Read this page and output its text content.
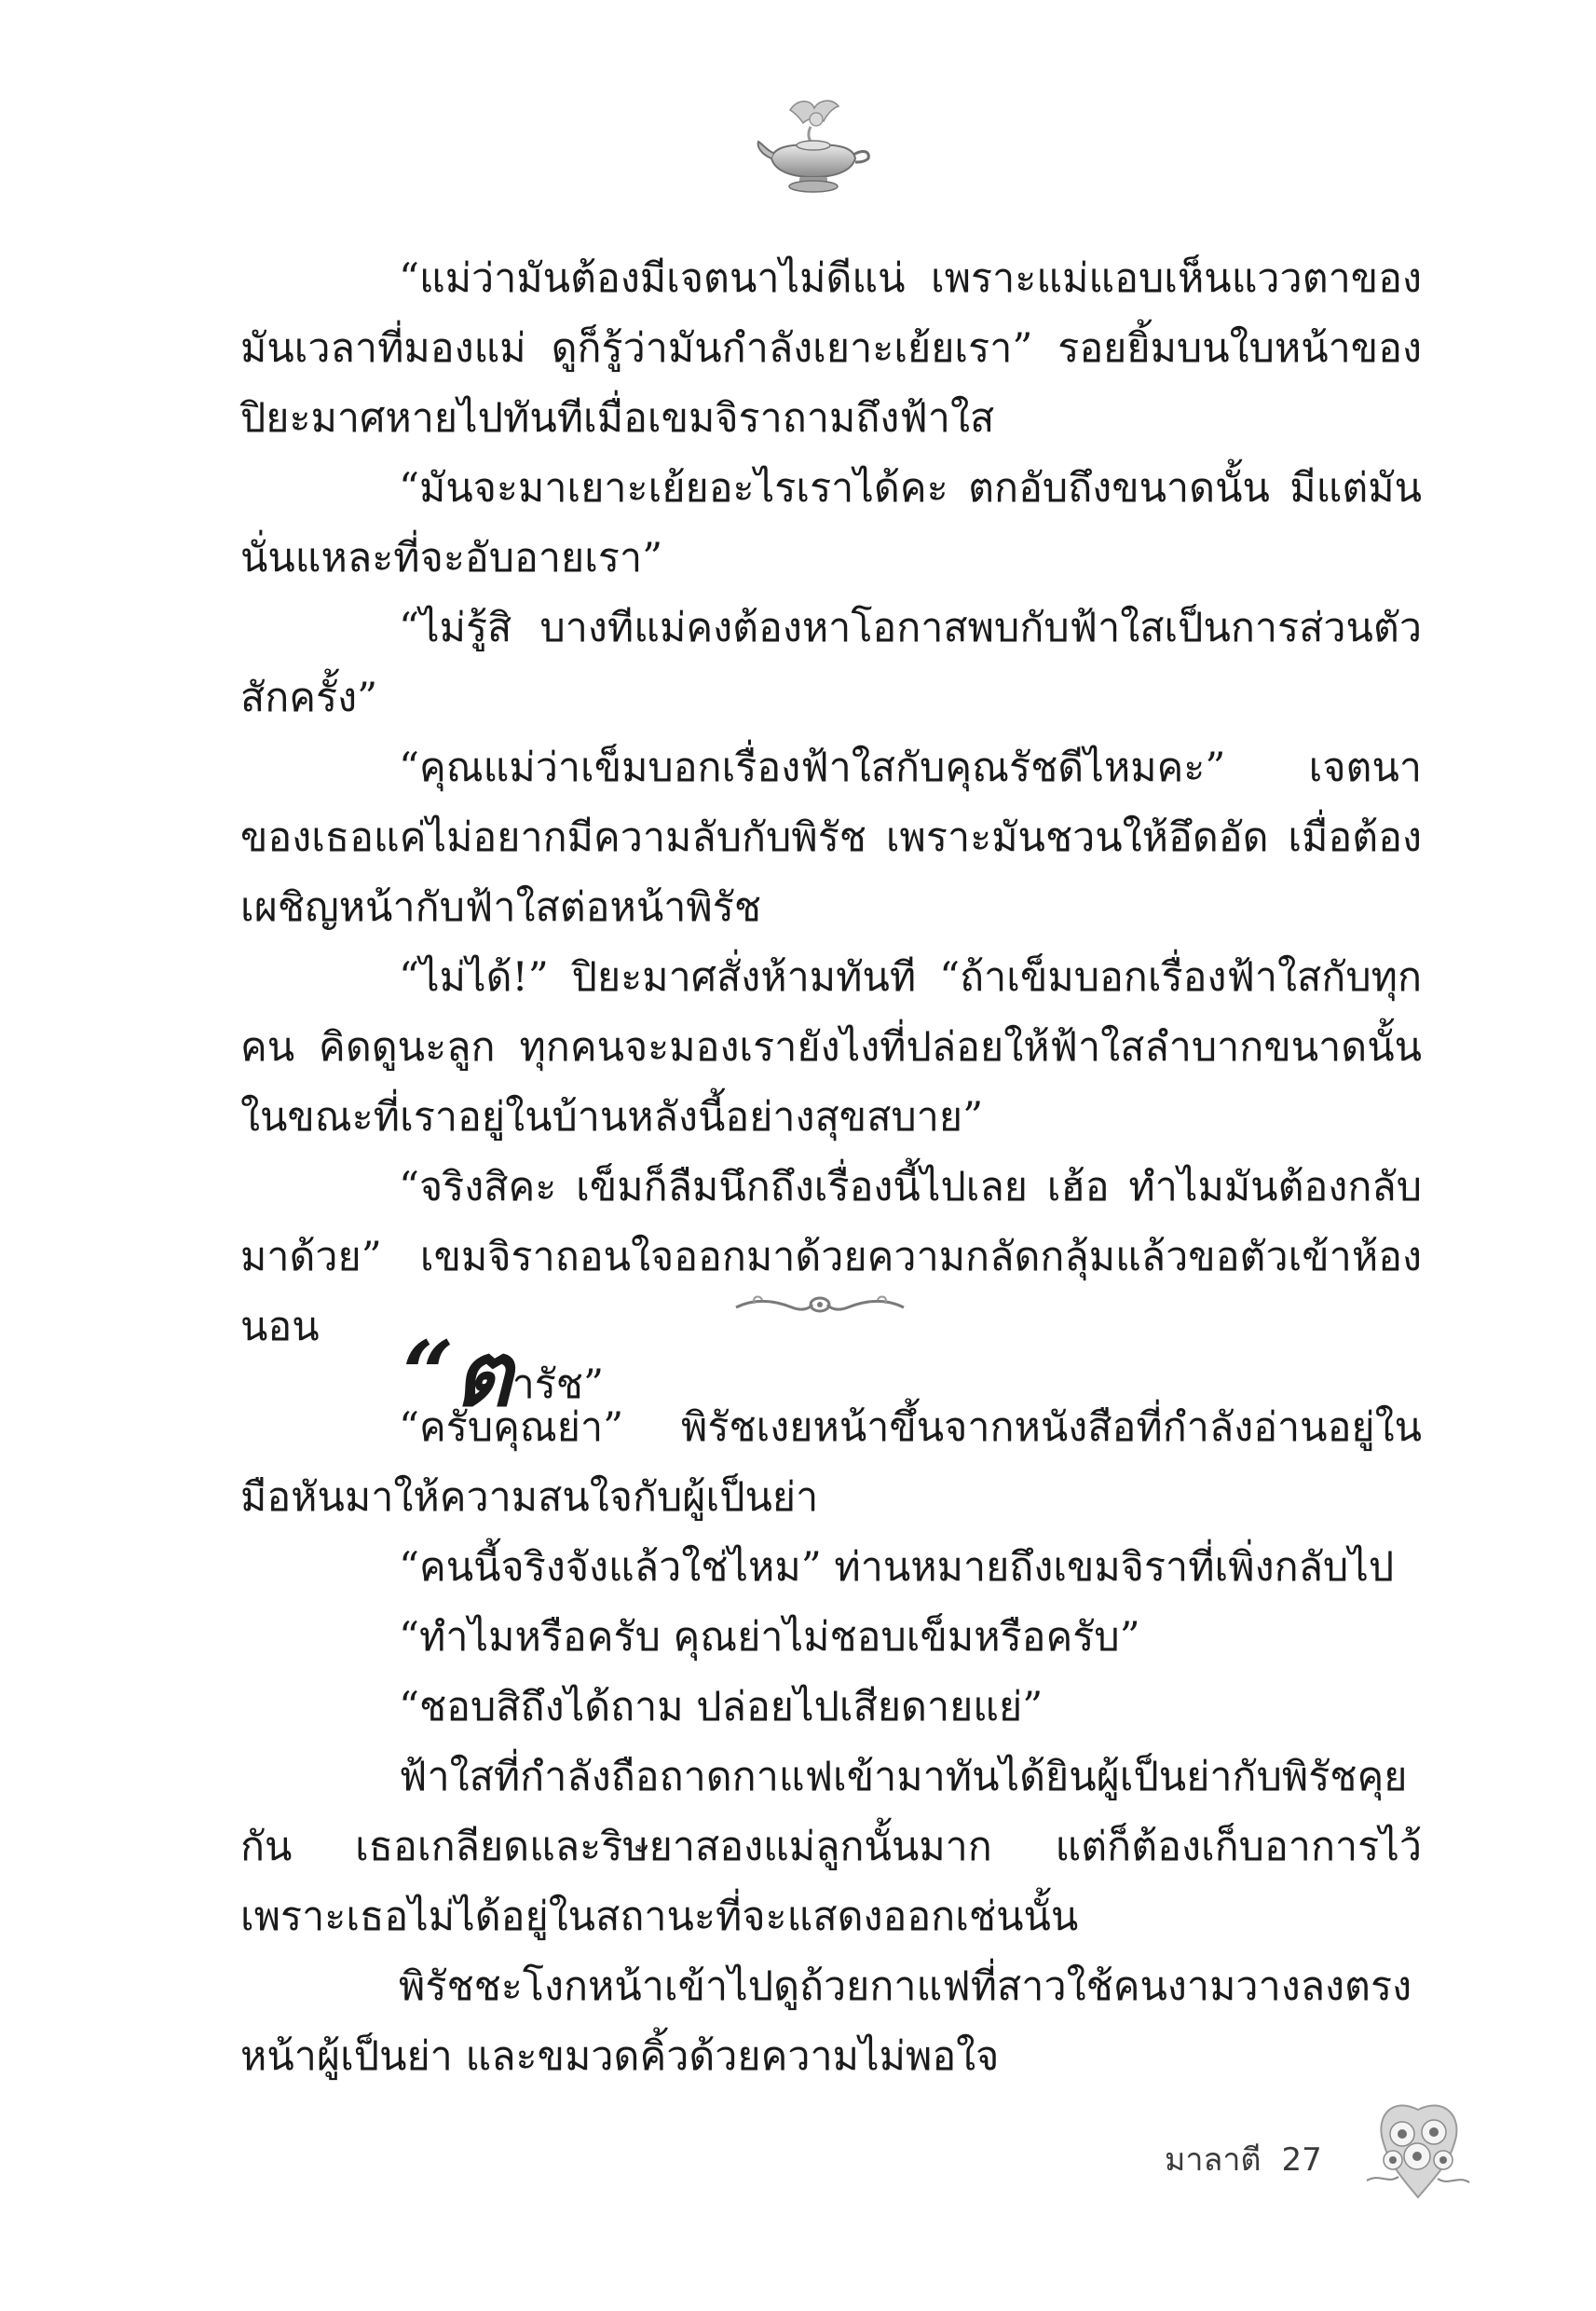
“แม่ว่ามันต้องมีเจตนาไม่ดีแน่ เพราะแม่แอบเห็นแววตาของมันเวลาที่มองแม่ ดูก็รู้ว่ามันกำลังเยาะเย้ยเรา” รอยยิ้มบนใบหน้าของปิยะมาศหายไปทันทีเมื่อเขมจิราถามถึงฟ้าใส

“มันจะมาเยาะเย้ยอะไรเราได้คะ ตกอับถึงขนาดนั้น มีแต่มันนั่นแหละที่จะอับอายเรา”

“ไม่รู้สิ บางทีแม่คงต้องหาโอกาสพบกับฟ้าใสเป็นการส่วนตัวสักครั้ง”

“คุณแม่ว่าเข็มบอกเรื่องฟ้าใสกับคุณรัชดีไหมคะ” เจตนาของเธอแค่ไม่อยากมีความลับกับพิรัช เพราะมันชวนให้อึดอัด เมื่อต้องเผชิญหน้ากับฟ้าใสต่อหน้าพิรัช

“ไม่ได้!” ปิยะมาศสั่งห้ามทันที “ถ้าเข็มบอกเรื่องฟ้าใสกับทุกคน คิดดูนะลูก ทุกคนจะมองเรายังไงที่ปล่อยให้ฟ้าใสลำบากขนาดนั้นในขณะที่เราอยู่ในบ้านหลังนี้อย่างสุขสบาย”

“จริงสิคะ เข็มก็ลืมนึกถึงเรื่องนี้ไปเลย เฮ้อ ทำไมมันต้องกลับมาด้วย” เขมจิราถอนใจออกมาด้วยความกลัดกลุ้มแล้วขอตัวเข้าห้องนอน “ตารัช”

“ครับคุณย่า” พิรัชเงยหน้าขึ้นจากหนังสือที่กำลังอ่านอยู่ในมือหันมาให้ความสนใจกับผู้เป็นย่า

“คนนี้จริงจังแล้วใช่ไหม” ท่านหมายถึงเขมจิราที่เพิ่งกลับไป

“ทำไมหรือครับ คุณย่าไม่ชอบเข็มหรือครับ”

“ชอบสิถึงได้ถาม ปล่อยไปเสียดายแย่”

ฟ้าใสที่กำลังถือถาดกาแฟเข้ามาทันได้ยินผู้เป็นย่ากับพิรัชคุยกัน เธอเกลียดและริษยาสองแม่ลูกนั้นมาก แต่ก็ต้องเก็บอาการไว้เพราะเธอไม่ได้อยู่ในสถานะที่จะแสดงออกเช่นนั้น

พิรัชชะโงกหน้าเข้าไปดูถ้วยกาแฟที่สาวใช้คนงามวางลงตรงหน้าผู้เป็นย่า และขมวดคิ้วด้วยความไม่พอใจ

มาลาตี 27
